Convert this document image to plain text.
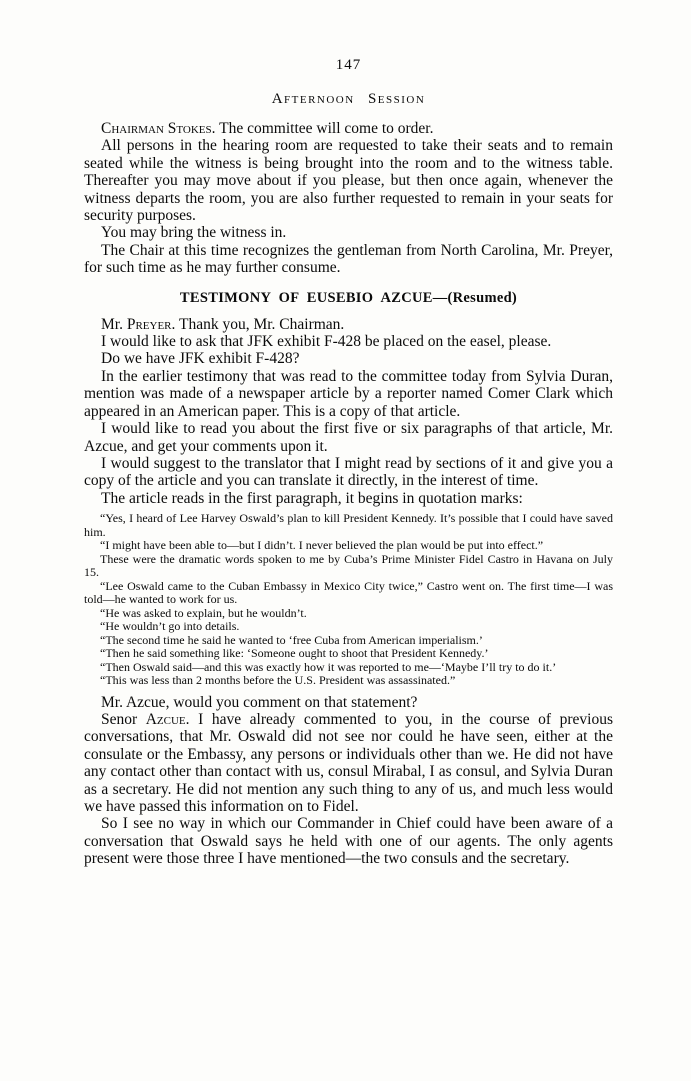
147
Afternoon Session

Chairman Stokes. The committee will come to order.

All persons in the hearing room are requested to take their seats and to remain seated while the witness is being brought into the room and to the witness table. Thereafter you may move about if you please, but then once again, whenever the witness departs the room, you are also further requested to remain in your seats for security purposes.

You may bring the witness in.

The Chair at this time recognizes the gentleman from North Carolina, Mr. Preyer, for such time as he may further consume.

TESTIMONY OF EUSEBIO AZCUE—(Resumed)

Mr. Preyer. Thank you, Mr. Chairman.

I would like to ask that JFK exhibit F-428 be placed on the easel, please.

Do we have JFK exhibit F-428?

In the earlier testimony that was read to the committee today from Sylvia Duran, mention was made of a newspaper article by a reporter named Comer Clark which appeared in an American paper. This is a copy of that article.

I would like to read you about the first five or six paragraphs of that article, Mr. Azcue, and get your comments upon it.

I would suggest to the translator that I might read by sections of it and give you a copy of the article and you can translate it directly, in the interest of time.

The article reads in the first paragraph, it begins in quotation marks:

“Yes, I heard of Lee Harvey Oswald’s plan to kill President Kennedy. It’s possible that I could have saved him.

“I might have been able to—but I didn’t. I never believed the plan would be put into effect.”

These were the dramatic words spoken to me by Cuba’s Prime Minister Fidel Castro in Havana on July 15.

“Lee Oswald came to the Cuban Embassy in Mexico City twice,” Castro went on. The first time—I was told—he wanted to work for us.

“He was asked to explain, but he wouldn’t.

“He wouldn’t go into details.

“The second time he said he wanted to ‘free Cuba from American imperialism.’

“Then he said something like: ‘Someone ought to shoot that President Kennedy.’

“Then Oswald said—and this was exactly how it was reported to me—‘Maybe I’ll try to do it.’

“This was less than 2 months before the U.S. President was assassinated.”

Mr. Azcue, would you comment on that statement?

Senor Azcue. I have already commented to you, in the course of previous conversations, that Mr. Oswald did not see nor could he have seen, either at the consulate or the Embassy, any persons or individuals other than we. He did not have any contact other than contact with us, consul Mirabal, I as consul, and Sylvia Duran as a secretary. He did not mention any such thing to any of us, and much less would we have passed this information on to Fidel.

So I see no way in which our Commander in Chief could have been aware of a conversation that Oswald says he held with one of our agents. The only agents present were those three I have mentioned—the two consuls and the secretary.
